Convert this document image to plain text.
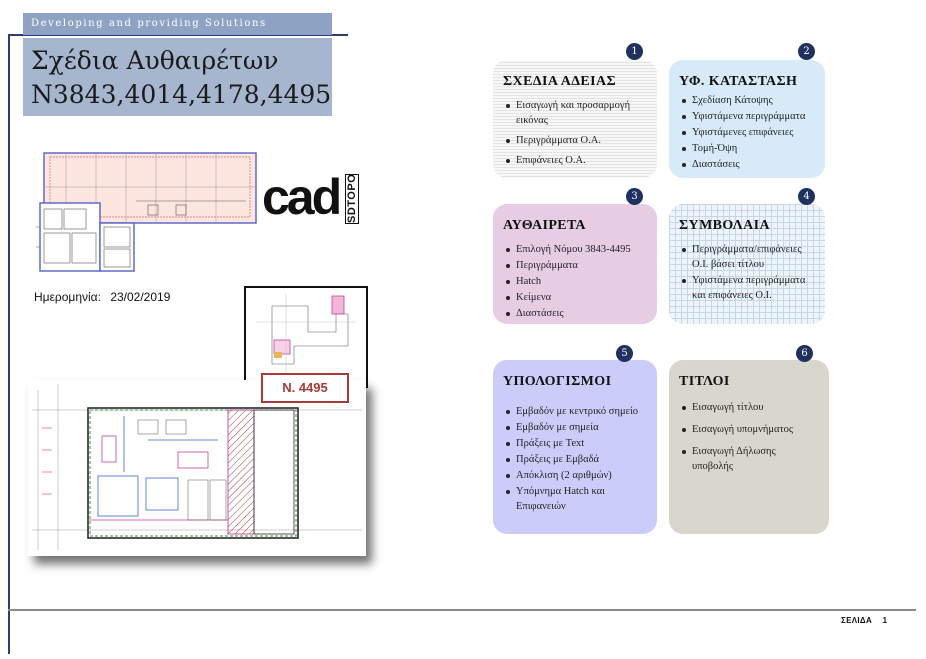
Developing and providing Solutions
Σχέδια Αυθαιρέτων
N3843,4014,4178,4495
cad SDTOPO
Ημερομηνία: 23/02/2019
N. 4495
ΣΧΕΔΙΑ ΑΔΕΙΑΣ
Εισαγωγή και προσαρμογή εικόνας
Περιγράμματα Ο.Α.
Επιφάνειες Ο.Α.
1
ΥΦ. ΚΑΤΑΣΤΑΣΗ
Σχεδίαση Κάτοψης
Υφιστάμενα περιγράμματα
Υφιστάμενες επιφάνειες
Τομή-Όψη
Διαστάσεις
2
ΑΥΘΑΙΡΕΤΑ
Επιλογή Νόμου 3843-4495
Περιγράμματα
Hatch
Κείμενα
Διαστάσεις
3
ΣΥΜΒΟΛΑΙΑ
Περιγράμματα/επιφάνειες Ο.Ι. βάσει τίτλου
Υφιστάμενα περιγράμματα και επιφάνειες Ο.Ι.
4
ΥΠΟΛΟΓΙΣΜΟΙ
Εμβαδόν με κεντρικό σημείο
Εμβαδόν με σημεία
Πράξεις με Text
Πράξεις με Εμβαδά
Απόκλιση (2 αριθμών)
Υπόμνημα Hatch και Επιφανειών
5
ΤΙΤΛΟΙ
Εισαγωγή τίτλου
Εισαγωγή υπομνήματος
Εισαγωγή Δήλωσης υποβολής
6
ΣΕΛΙΔΑ 1
